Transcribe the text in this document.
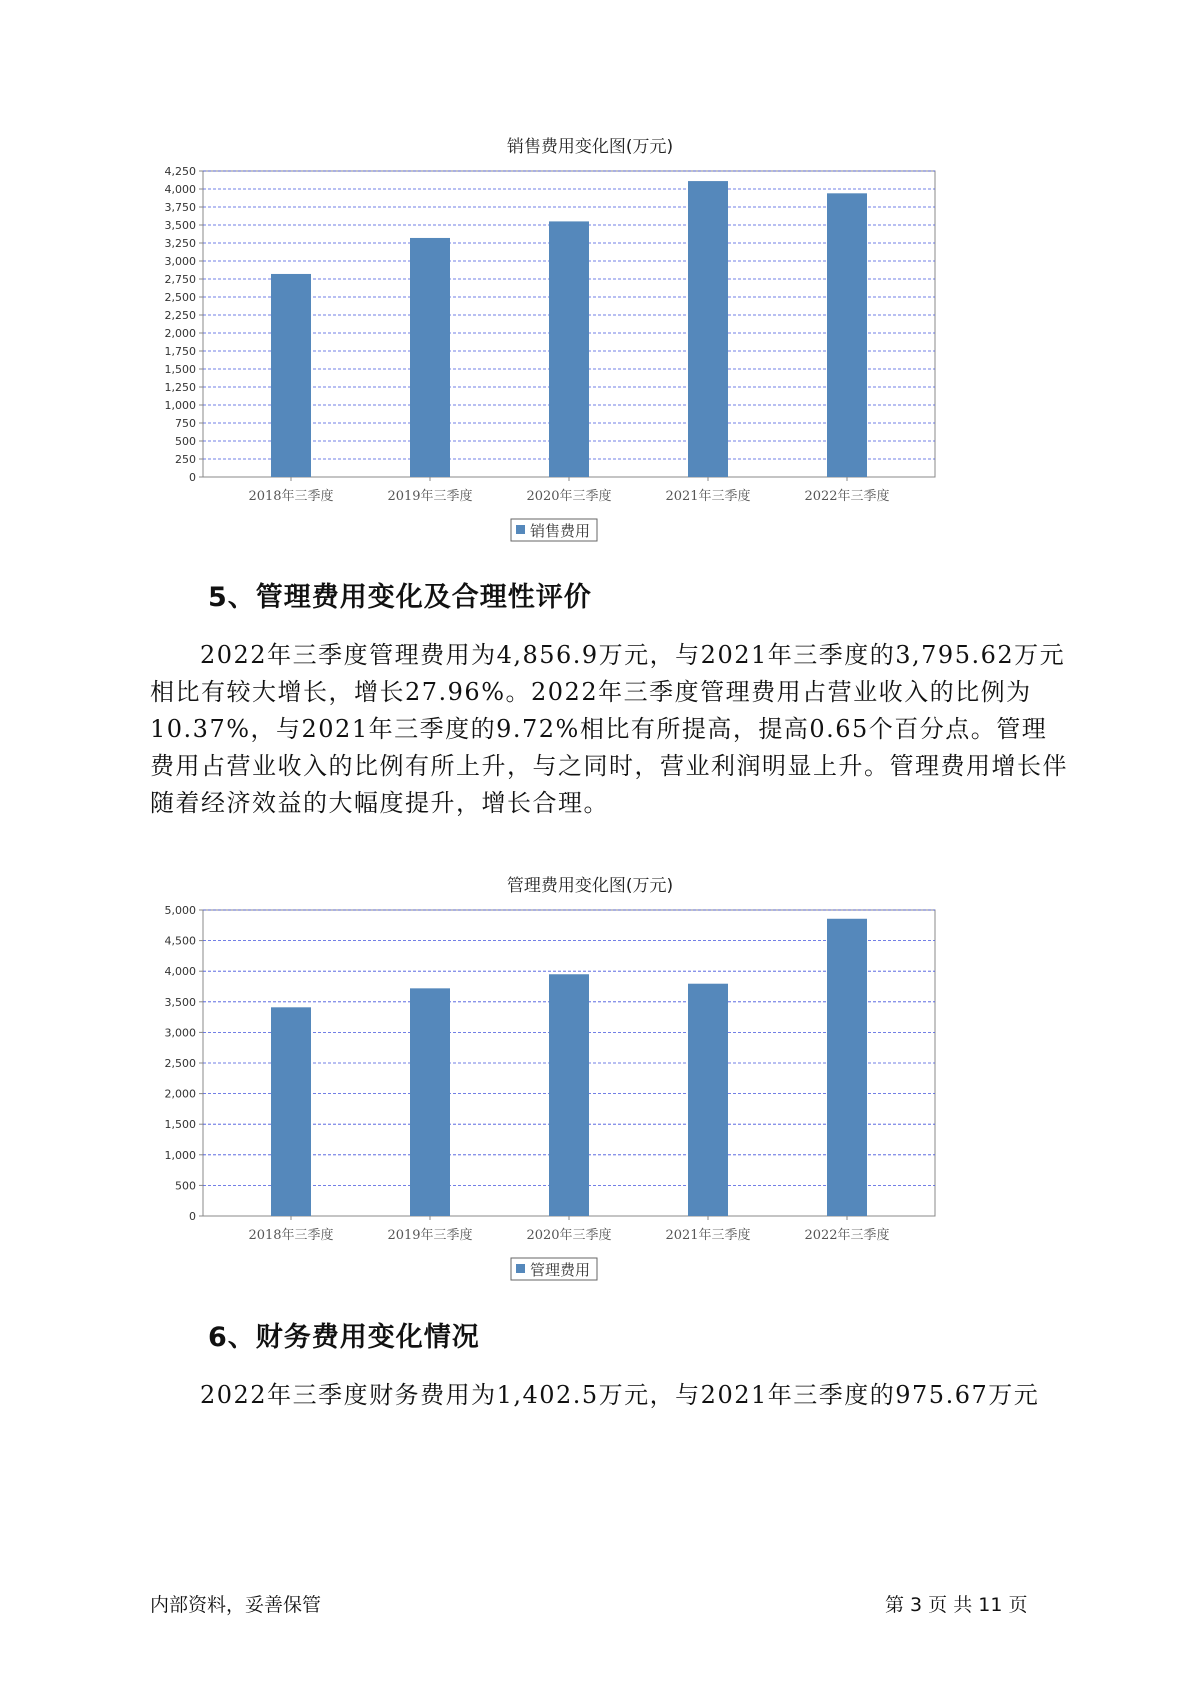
销售费用变化图(万元)
0
250
500
750
1,000
1,250
1,500
1,750
2,000
2,250
2,500
2,750
3,000
3,250
3,500
3,750
4,000
4,250
2018年三季度	2019年三季度	2020年三季度	2021年三季度	2022年三季度
销售费用
5、管理费用变化及合理性评价

2022年三季度管理费用为4,856.9万元，与2021年三季度的3,795.62万元相比有较大增长，增长27.96%。2022年三季度管理费用占营业收入的比例为10.37%，与2021年三季度的9.72%相比有所提高，提高0.65个百分点。管理费用占营业收入的比例有所上升，与之同时，营业利润明显上升。管理费用增长伴随着经济效益的大幅度提升，增长合理。

管理费用变化图(万元)
0
500
1,000
1,500
2,000
2,500
3,000
3,500
4,000
4,500
5,000
2018年三季度	2019年三季度	2020年三季度	2021年三季度	2022年三季度
管理费用
6、财务费用变化情况

2022年三季度财务费用为1,402.5万元，与2021年三季度的975.67万元

内部资料，妥善保管	第 3 页 共 11 页
